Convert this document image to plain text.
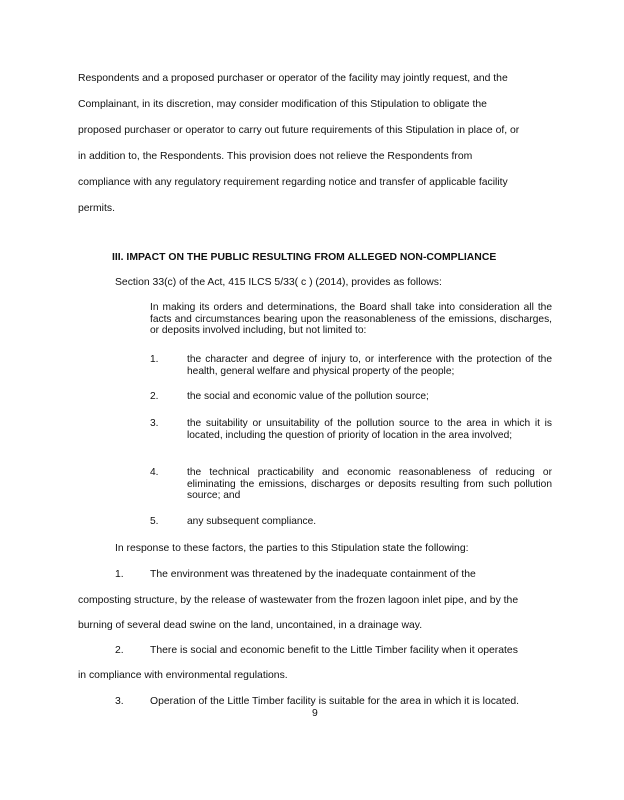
Respondents and a proposed purchaser or operator of the facility may jointly request, and the
Complainant, in its discretion, may consider modification of this Stipulation to obligate the
proposed purchaser or operator to carry out future requirements of this Stipulation in place of, or
in addition to, the Respondents. This provision does not relieve the Respondents from
compliance with any regulatory requirement regarding notice and transfer of applicable facility
permits.
III. IMPACT ON THE PUBLIC RESULTING FROM ALLEGED NON-COMPLIANCE
Section 33(c) of the Act, 415 ILCS 5/33( c ) (2014), provides as follows:
In making its orders and determinations, the Board shall take into consideration all the facts and circumstances bearing upon the reasonableness of the emissions, discharges, or deposits involved including, but not limited to:
1.	the character and degree of injury to, or interference with the protection of the health, general welfare and physical property of the people;
2.	the social and economic value of the pollution source;
3.	the suitability or unsuitability of the pollution source to the area in which it is located, including the question of priority of location in the area involved;
4.	the technical practicability and economic reasonableness of reducing or eliminating the emissions, discharges or deposits resulting from such pollution source; and
5.	any subsequent compliance.
In response to these factors, the parties to this Stipulation state the following:
1.	The environment was threatened by the inadequate containment of the
composting structure, by the release of wastewater from the frozen lagoon inlet pipe, and by the
burning of several dead swine on the land, uncontained, in a drainage way.
2.	There is social and economic benefit to the Little Timber facility when it operates
in compliance with environmental regulations.
3.	Operation of the Little Timber facility is suitable for the area in which it is located.
9
